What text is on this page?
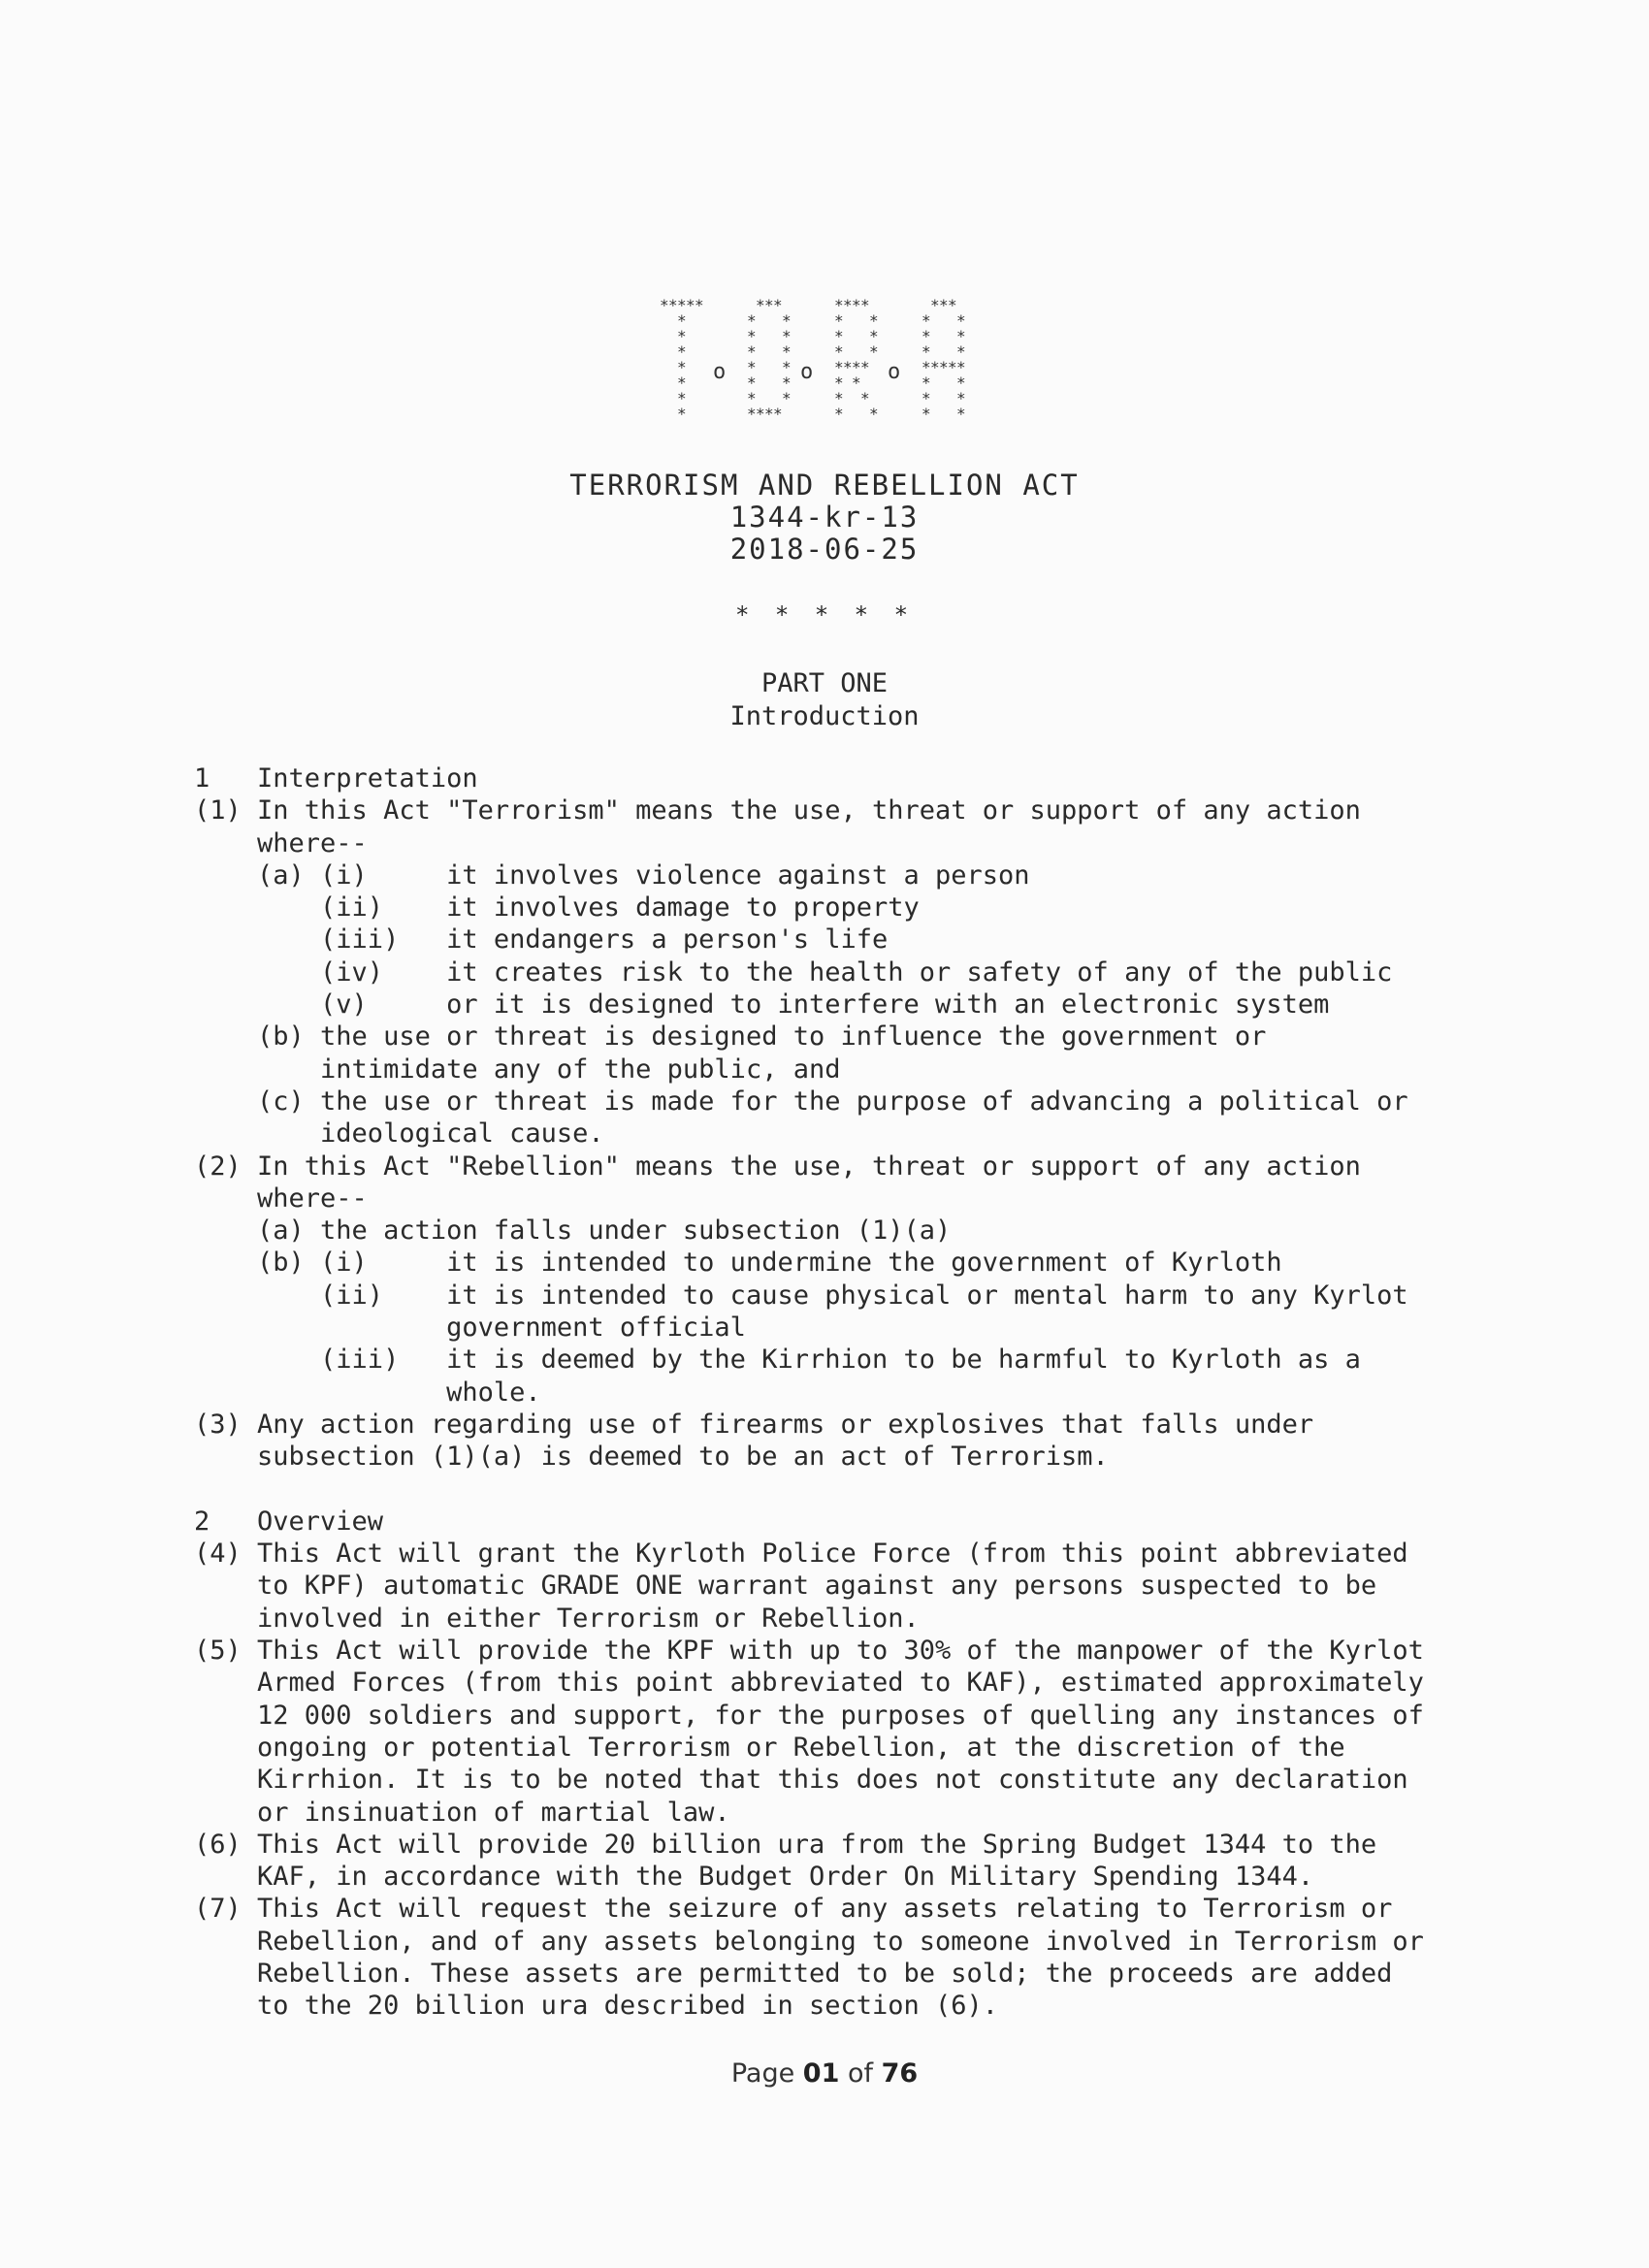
* * * * *
*
*
*
*
*
*
*
o
* * *
* *
* *
* *
* *
* *
* *
* * * *
o
* * * *
* *
* *
* *
* * * *
* *
* *
* *
o
* * *
* *
* *
* *
* * * * *
* *
* *
* *
TERRORISM AND REBELLION ACT
1344-kr-13
2018-06-25
* * * * *
PART ONE
Introduction
1   Interpretation
(1) In this Act "Terrorism" means the use, threat or support of any action
where--
(a) (i)     it involves violence against a person
(ii)    it involves damage to property
(iii)   it endangers a person's life
(iv)    it creates risk to the health or safety of any of the public
(v)     or it is designed to interfere with an electronic system
(b) the use or threat is designed to influence the government or
intimidate any of the public, and
(c) the use or threat is made for the purpose of advancing a political or
ideological cause.
(2) In this Act "Rebellion" means the use, threat or support of any action
where--
(a) the action falls under subsection (1)(a)
(b) (i)     it is intended to undermine the government of Kyrloth
(ii)    it is intended to cause physical or mental harm to any Kyrlot
government official
(iii)   it is deemed by the Kirrhion to be harmful to Kyrloth as a
whole.
(3) Any action regarding use of firearms or explosives that falls under
subsection (1)(a) is deemed to be an act of Terrorism.

2   Overview
(4) This Act will grant the Kyrloth Police Force (from this point abbreviated
to KPF) automatic GRADE ONE warrant against any persons suspected to be
involved in either Terrorism or Rebellion.
(5) This Act will provide the KPF with up to 30% of the manpower of the Kyrlot
Armed Forces (from this point abbreviated to KAF), estimated approximately
12 000 soldiers and support, for the purposes of quelling any instances of
ongoing or potential Terrorism or Rebellion, at the discretion of the
Kirrhion. It is to be noted that this does not constitute any declaration
or insinuation of martial law.
(6) This Act will provide 20 billion ura from the Spring Budget 1344 to the
KAF, in accordance with the Budget Order On Military Spending 1344.
(7) This Act will request the seizure of any assets relating to Terrorism or
Rebellion, and of any assets belonging to someone involved in Terrorism or
Rebellion. These assets are permitted to be sold; the proceeds are added
to the 20 billion ura described in section (6).
Page 01 of 76
